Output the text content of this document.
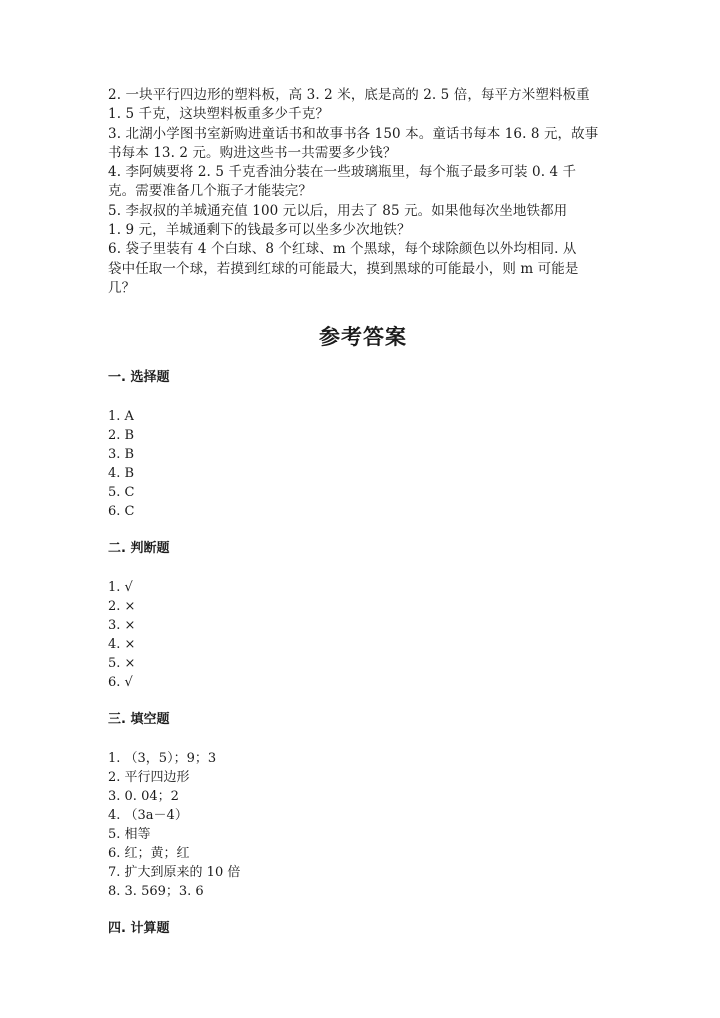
2. 一块平行四边形的塑料板，高 3. 2 米，底是高的 2. 5 倍，每平方米塑料板重

1. 5 千克，这块塑料板重多少千克？

3. 北湖小学图书室新购进童话书和故事书各 150 本。童话书每本 16. 8 元，故事

书每本 13. 2 元。购进这些书一共需要多少钱？

4. 李阿姨要将 2. 5 千克香油分装在一些玻璃瓶里，每个瓶子最多可装 0. 4 千

克。需要准备几个瓶子才能装完？

5. 李叔叔的羊城通充值 100 元以后，用去了 85 元。如果他每次坐地铁都用

1. 9 元，羊城通剩下的钱最多可以坐多少次地铁？

6. 袋子里装有 4 个白球、8 个红球、m 个黑球，每个球除颜色以外均相同. 从

袋中任取一个球，若摸到红球的可能最大，摸到黑球的可能最小，则 m 可能是

几？

参考答案
一. 选择题
1. A
2. B
3. B
4. B
5. C
6. C
二. 判断题
1. √
2. ×
3. ×
4. ×
5. ×
6. √
三. 填空题
1. （3，5）；9；3
2. 平行四边形
3. 0. 04；2
4. （3a－4）
5. 相等
6. 红；黄；红
7. 扩大到原来的 10 倍
8. 3. 569；3. 6
四. 计算题
